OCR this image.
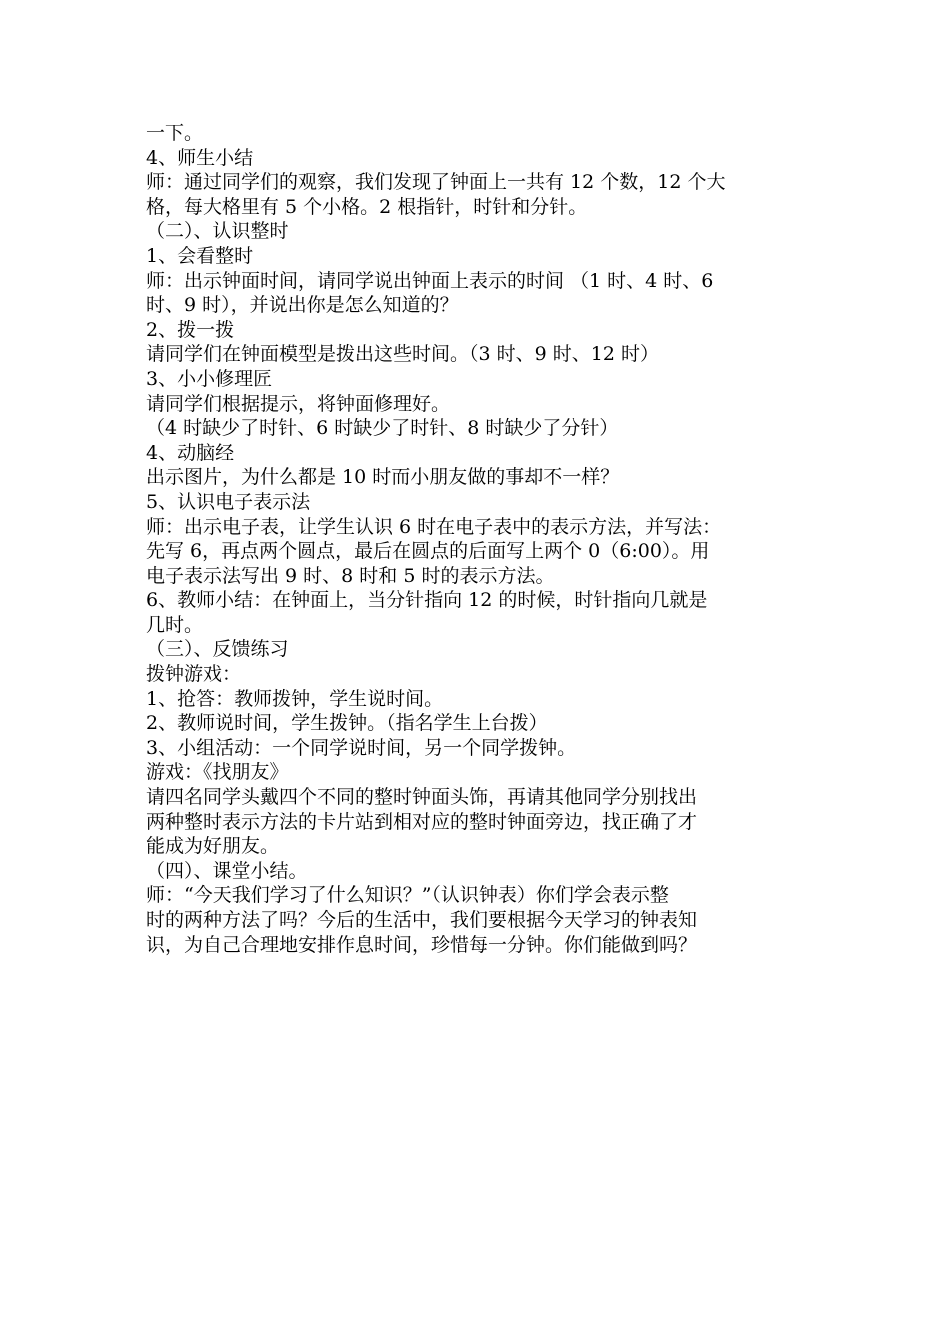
一下。

4、师生小结

师：通过同学们的观察，我们发现了钟面上一共有 12 个数，12 个大

格，每大格里有 5 个小格。2 根指针，时针和分针。

（二）、认识整时

1、会看整时

师：出示钟面时间，请同学说出钟面上表示的时间 （1 时、4 时、6

时、9 时），并说出你是怎么知道的？

2、拨一拨

请同学们在钟面模型是拨出这些时间。（3 时、9 时、12 时）

3、小小修理匠

请同学们根据提示，将钟面修理好。

（4 时缺少了时针、6 时缺少了时针、8 时缺少了分针）

4、动脑经

出示图片，为什么都是 10 时而小朋友做的事却不一样？

5、认识电子表示法

师：出示电子表，让学生认识 6 时在电子表中的表示方法，并写法：

先写 6，再点两个圆点，最后在圆点的后面写上两个 0（6:00）。用

电子表示法写出 9 时、8 时和 5 时的表示方法。

6、教师小结：在钟面上，当分针指向 12 的时候，时针指向几就是

几时。

（三）、反馈练习

拨钟游戏：

1、抢答：教师拨钟，学生说时间。

2、教师说时间，学生拨钟。（指名学生上台拨）

3、小组活动：一个同学说时间，另一个同学拨钟。

游戏：《找朋友》

请四名同学头戴四个不同的整时钟面头饰，再请其他同学分别找出

两种整时表示方法的卡片站到相对应的整时钟面旁边，找正确了才

能成为好朋友。

（四）、课堂小结。

师：“今天我们学习了什么知识？”（认识钟表）你们学会表示整

时的两种方法了吗？今后的生活中，我们要根据今天学习的钟表知

识，为自己合理地安排作息时间，珍惜每一分钟。你们能做到吗？
